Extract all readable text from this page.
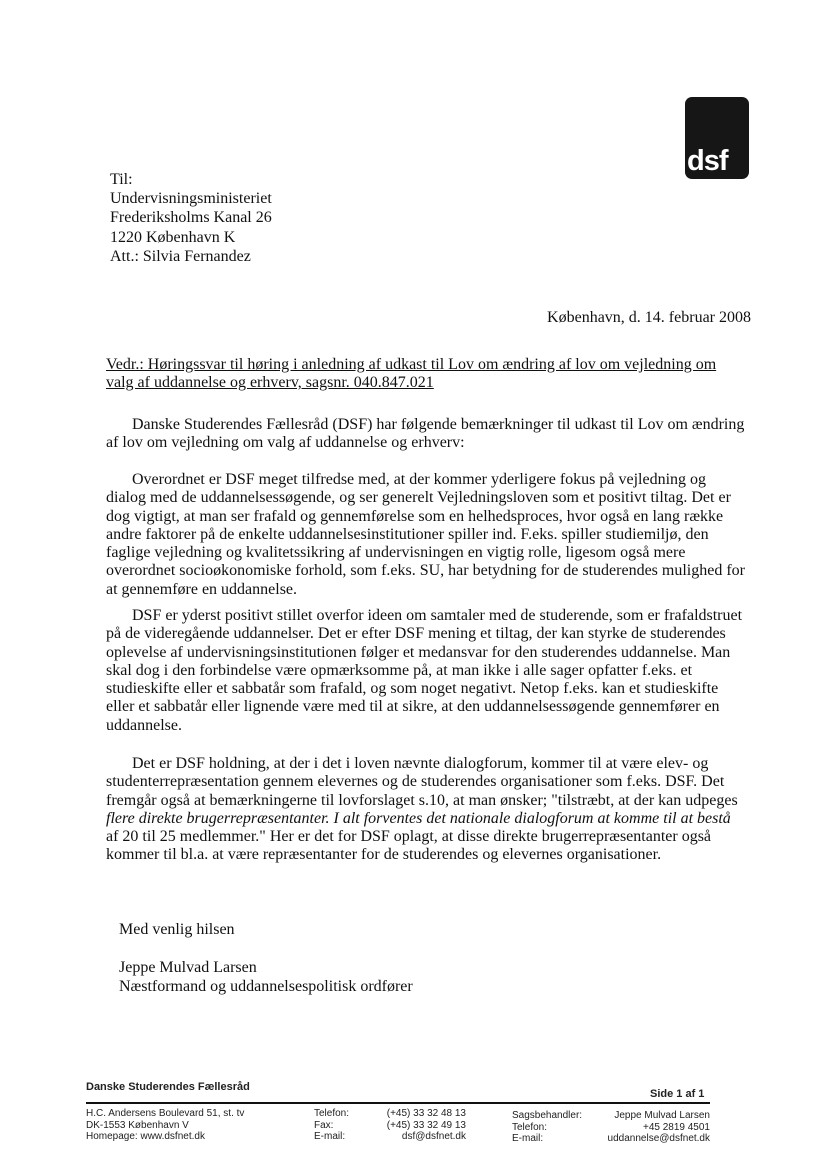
dsf
Til:
Undervisningsministeriet
Frederiksholms Kanal 26
1220 København K
Att.: Silvia Fernandez
København, d. 14. februar 2008
Vedr.: Høringssvar til høring i anledning af udkast til Lov om ændring af lov om vejledning om
valg af uddannelse og erhverv, sagsnr. 040.847.021
Danske Studerendes Fællesråd (DSF) har følgende bemærkninger til udkast til Lov om ændring
af lov om vejledning om valg af uddannelse og erhverv:
Overordnet er DSF meget tilfredse med, at der kommer yderligere fokus på vejledning og
dialog med de uddannelsessøgende, og ser generelt Vejledningsloven som et positivt tiltag. Det er
dog vigtigt, at man ser frafald og gennemførelse som en helhedsproces, hvor også en lang række
andre faktorer på de enkelte uddannelsesinstitutioner spiller ind. F.eks. spiller studiemiljø, den
faglige vejledning og kvalitetssikring af undervisningen en vigtig rolle, ligesom også mere
overordnet socioøkonomiske forhold, som f.eks. SU, har betydning for de studerendes mulighed for
at gennemføre en uddannelse.
DSF er yderst positivt stillet overfor ideen om samtaler med de studerende, som er frafaldstruet
på de videregående uddannelser. Det er efter DSF mening et tiltag, der kan styrke de studerendes
oplevelse af undervisningsinstitutionen følger et medansvar for den studerendes uddannelse. Man
skal dog i den forbindelse være opmærksomme på, at man ikke i alle sager opfatter f.eks. et
studieskifte eller et sabbatår som frafald, og som noget negativt. Netop f.eks. kan et studieskifte
eller et sabbatår eller lignende være med til at sikre, at den uddannelsessøgende gennemfører en
uddannelse.
Det er DSF holdning, at der i det i loven nævnte dialogforum, kommer til at være elev- og
studenterrepræsentation gennem elevernes og de studerendes organisationer som f.eks. DSF. Det
fremgår også at bemærkningerne til lovforslaget s.10, at man ønsker; "tilstræbt, at der kan udpeges
flere direkte brugerrepræsentanter. I alt forventes det nationale dialogforum at komme til at bestå
af 20 til 25 medlemmer." Her er det for DSF oplagt, at disse direkte brugerrepræsentanter også
kommer til bl.a. at være repræsentanter for de studerendes og elevernes organisationer.
Med venlig hilsen
Jeppe Mulvad Larsen
Næstformand og uddannelsespolitisk ordfører
Danske Studerendes Fællesråd
Side 1 af 1
H.C. Andersens Boulevard 51, st. tv
DK-1553 København V
Homepage: www.dsfnet.dk
Telefon:
Fax:
E-mail:
(+45) 33 32 48 13
(+45) 33 32 49 13
dsf@dsfnet.dk
Sagsbehandler:
Telefon:
E-mail:
Jeppe Mulvad Larsen
+45 2819 4501
uddannelse@dsfnet.dk
